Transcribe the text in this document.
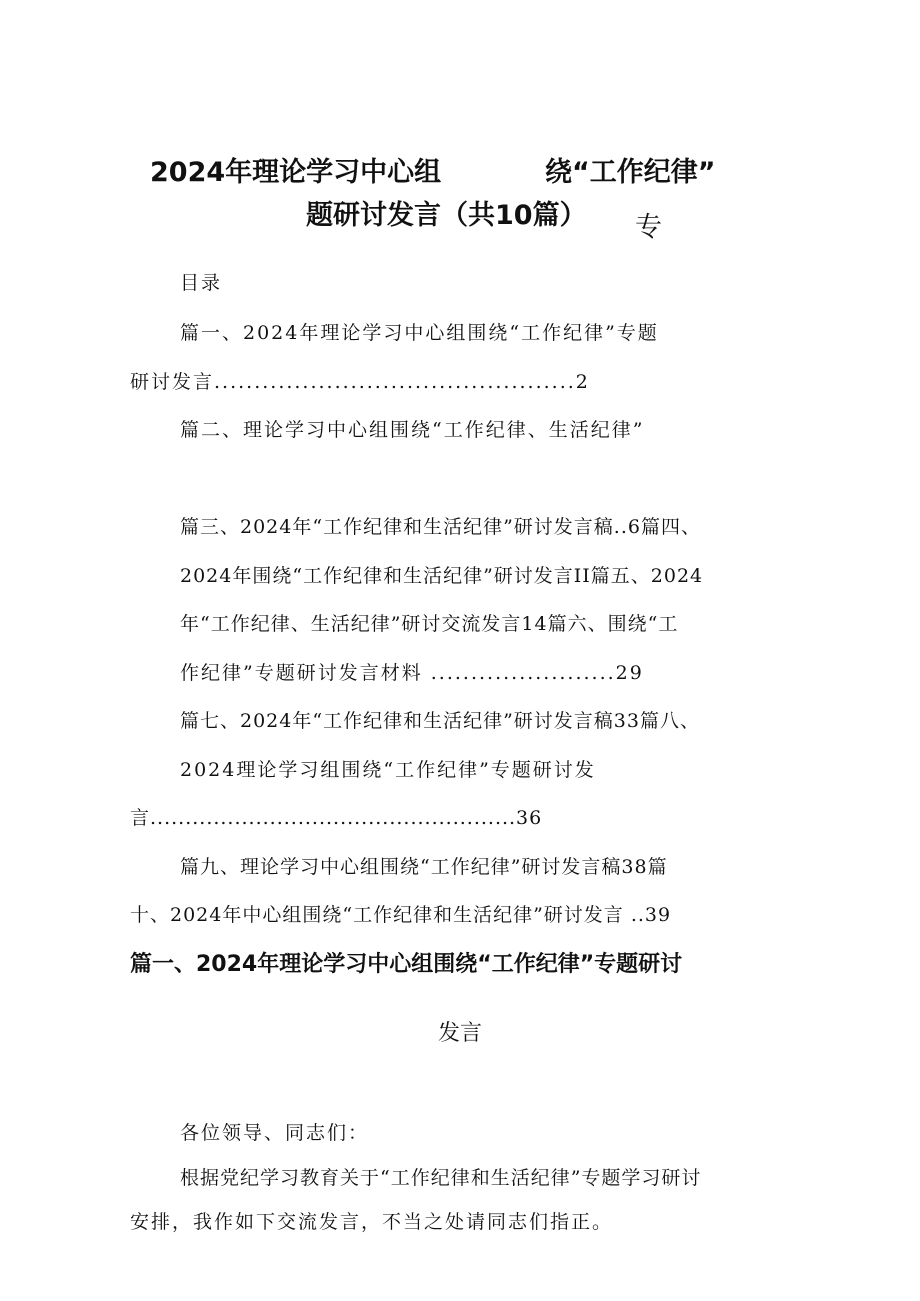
2024年理论学习中心组	绕“工作纪律”
题研讨发言（共10篇） 专
目录
篇一、2024年理论学习中心组围绕“工作纪律”专题
研讨发言.............................................2
篇二、理论学习中心组围绕“工作纪律、生活纪律”
篇三、2024年“工作纪律和生活纪律”研讨发言稿..6篇四、
2024年围绕“工作纪律和生活纪律”研讨发言II篇五、2024
年“工作纪律、生活纪律”研讨交流发言14篇六、围绕“工
作纪律”专题研讨发言材料 .......................29
篇七、2024年“工作纪律和生活纪律”研讨发言稿33篇八、
2024理论学习组围绕“工作纪律”专题研讨发
言....................................................36
篇九、理论学习中心组围绕“工作纪律”研讨发言稿38篇
十、2024年中心组围绕“工作纪律和生活纪律”研讨发言 ..39
篇一、2024年理论学习中心组围绕“工作纪律”专题研讨
发言
各位领导、同志们：
根据党纪学习教育关于“工作纪律和生活纪律”专题学习研讨
安排，我作如下交流发言，不当之处请同志们指正。
